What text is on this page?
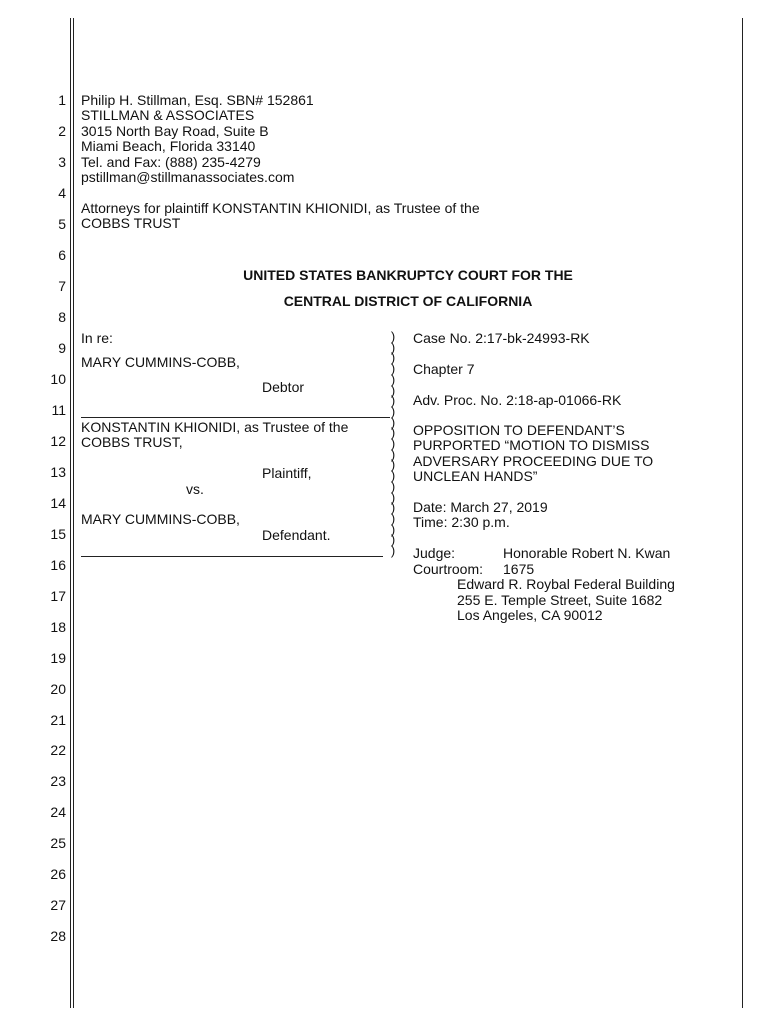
1
2
3
4
5
6
7
8
9
10
11
12
13
14
15
16
17
18
19
20
21
22
23
24
25
26
27
28
Philip H. Stillman, Esq. SBN# 152861
STILLMAN & ASSOCIATES
3015 North Bay Road, Suite B
Miami Beach, Florida 33140
Tel. and Fax: (888) 235-4279
pstillman@stillmanassociates.com
Attorneys for plaintiff KONSTANTIN KHIONIDI, as Trustee of the
COBBS TRUST
UNITED STATES BANKRUPTCY COURT FOR THE
CENTRAL DISTRICT OF CALIFORNIA
In re:
MARY CUMMINS-COBB,
Debtor
KONSTANTIN KHIONIDI, as Trustee of the
COBBS TRUST,
Plaintiff,
vs.
MARY CUMMINS-COBB,
Defendant.
)
)
)
)
)
)
)
)
)
)
)
)
)
)
)
)
)
)
)
)
)
Case No. 2:17-bk-24993-RK
Chapter 7
Adv. Proc. No. 2:18-ap-01066-RK
OPPOSITION TO DEFENDANT’S
PURPORTED “MOTION TO DISMISS
ADVERSARY PROCEEDING DUE TO
UNCLEAN HANDS”
Date: March 27, 2019
Time: 2:30 p.m.
Judge:	Honorable Robert N. Kwan
Courtroom: 1675
Edward R. Roybal Federal Building
255 E. Temple Street, Suite 1682
Los Angeles, CA 90012
